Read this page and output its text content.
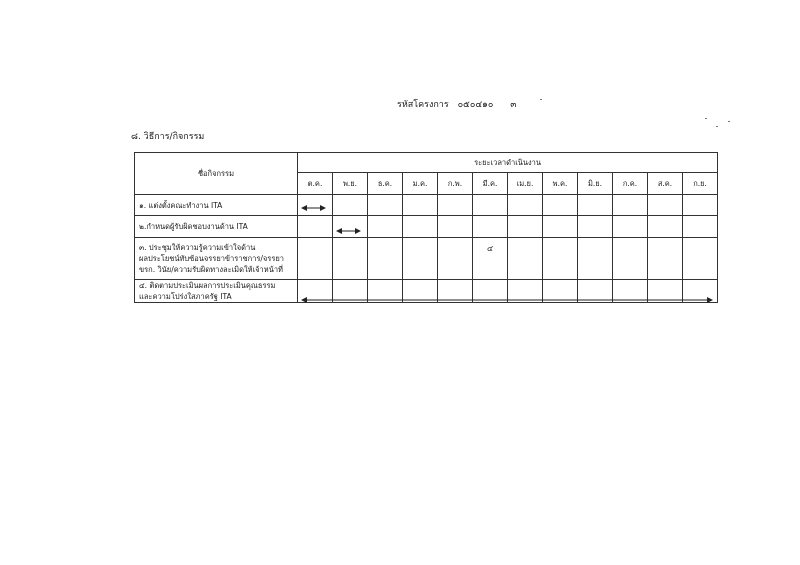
รหัสโครงการ ๐๕๐๔๑๐ ๓
๘. วิธีการ/กิจกรรม
ชื่อกิจกรรม	ระยะเวลาดำเนินงาน											
	ต.ค.	พ.ย.	ธ.ค.	ม.ค.	ก.พ.	มี.ค.	เม.ย.	พ.ค.	มิ.ย.	ก.ค.	ส.ค.	ก.ย.
๑. แต่งตั้งคณะทำงาน ITA												
๒.กำหนดผู้รับผิดชอบงานด้าน ITA												
๓. ประชุมให้ความรู้ความเข้าใจด้าน
ผลประโยชน์ทับซ้อนจรรยาข้าราชการ/จรรยา
ขรก. วินัย/ความรับผิดทางละเมิดให้เจ้าหน้าที่						๔						
๔. ติดตามประเมินผลการประเมินคุณธรรม
และความโปร่งใสภาครัฐ ITA												
